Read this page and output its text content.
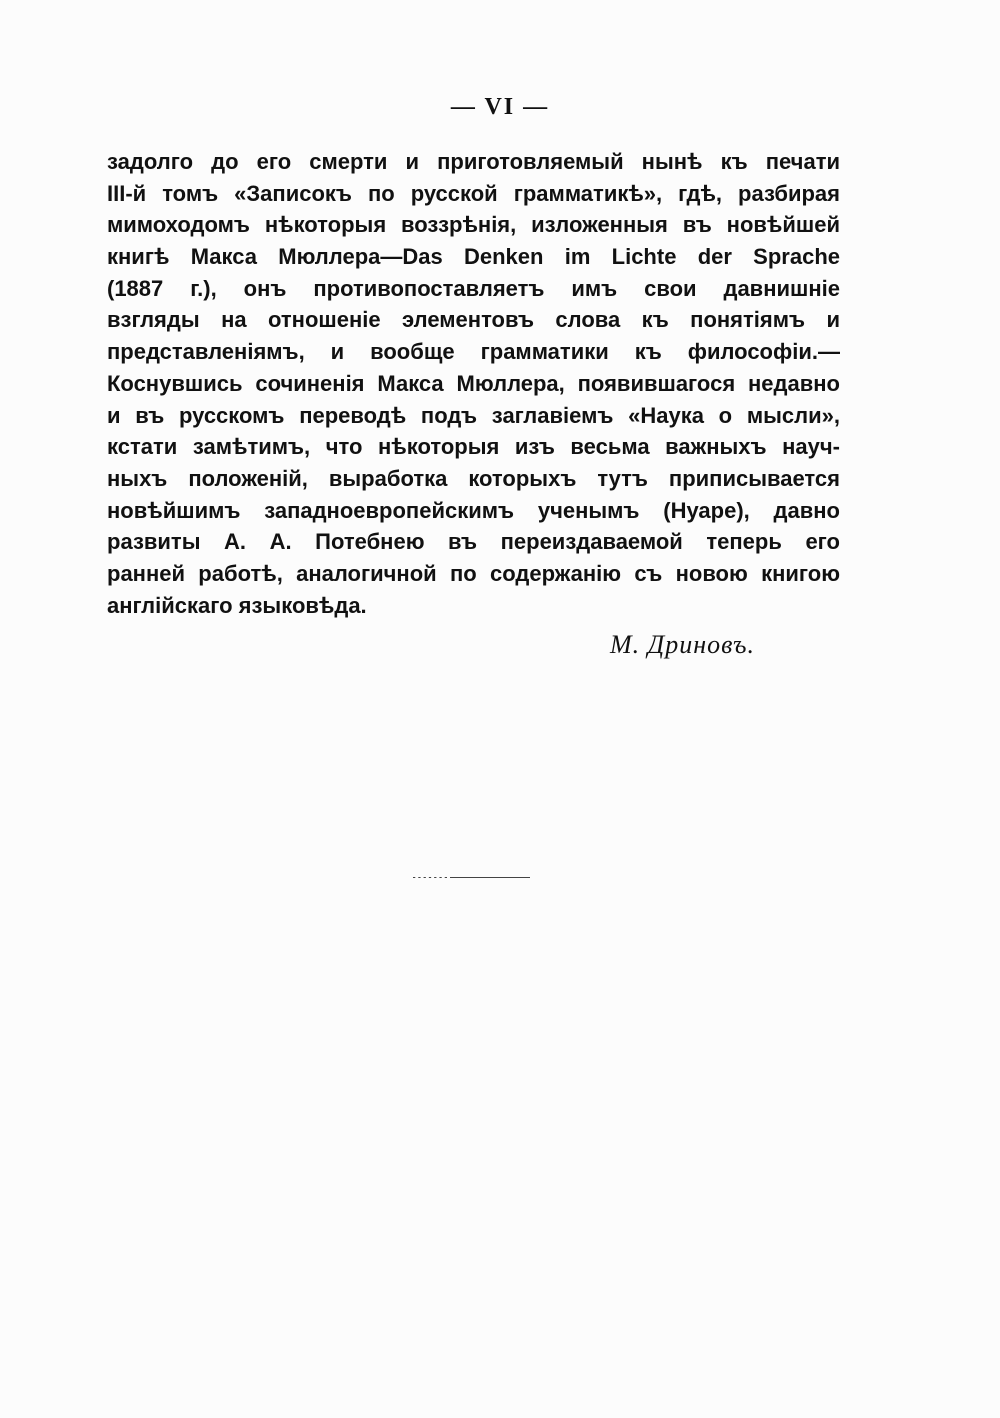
— VI —
задолго до его смерти и приготовляемый нынѣ къ печати
III-й томъ «Записокъ по русской грамматикѣ», гдѣ, разбирая
мимоходомъ нѣкоторыя воззрѣнія, изложенныя въ новѣйшей
книгѣ Макса Мюллера—Das Denken im Lichte der Sprache
(1887 г.), онъ противопоставляетъ имъ свои давнишніе
взгляды на отношеніе элементовъ слова къ понятіямъ и
представленіямъ, и вообще грамматики къ философіи.—
Коснувшись сочиненія Макса Мюллера, появившагося недавно
и въ русскомъ переводѣ подъ заглавіемъ «Наука о мысли»,
кстати замѣтимъ, что нѣкоторыя изъ весьма важныхъ науч-
ныхъ положеній, выработка которыхъ тутъ приписывается
новѣйшимъ западноевропейскимъ ученымъ (Нуаре), давно
развиты А. А. Потебнею въ переиздаваемой теперь его
ранней работѣ, аналогичной по содержанію съ новою книгою
англійскаго языковѣда.
М. Дриновъ.
